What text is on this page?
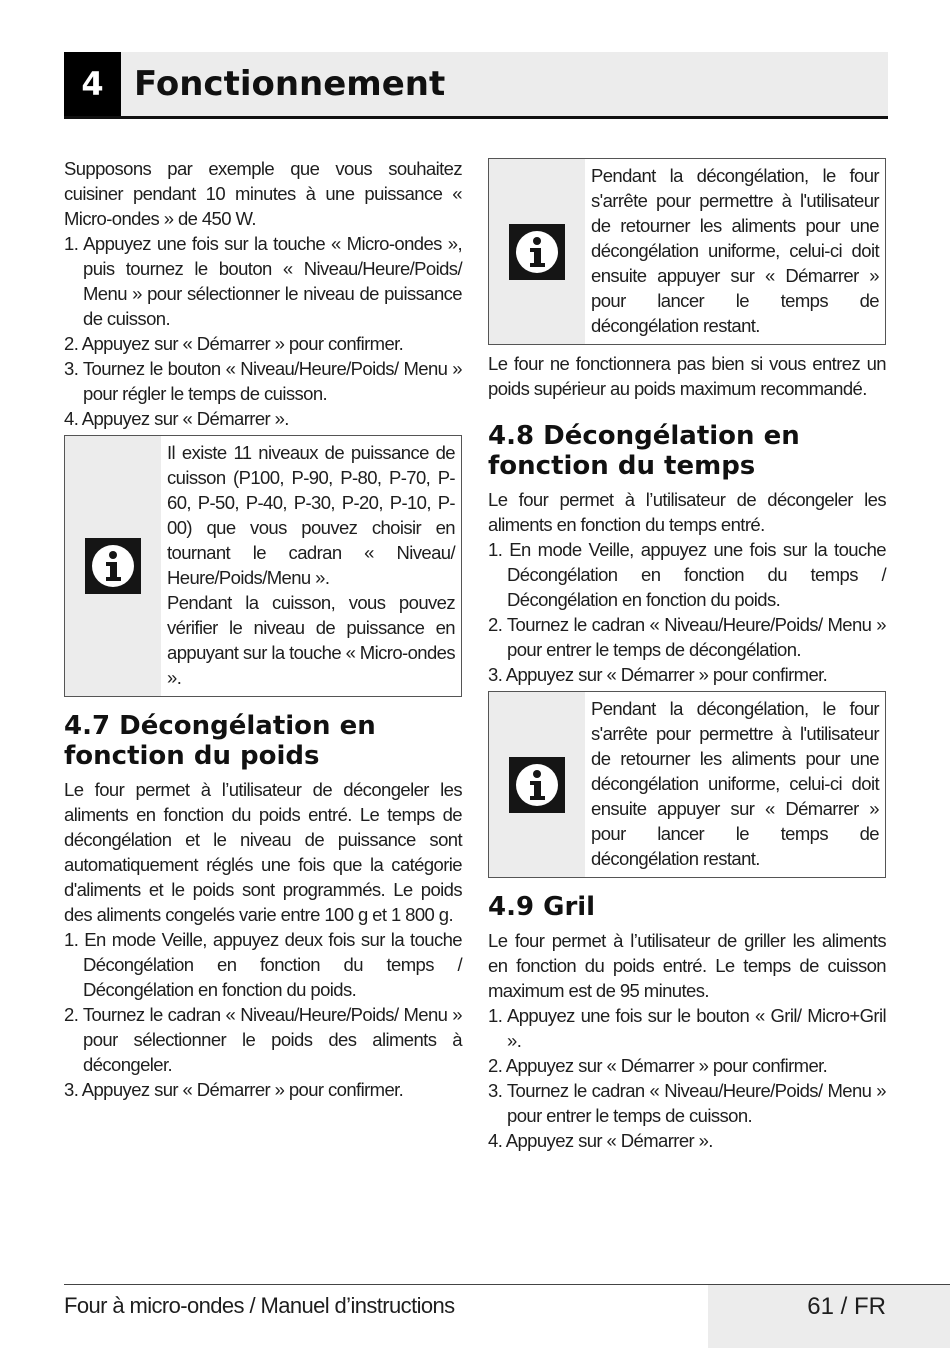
4 Fonctionnement

Supposons par exemple que vous souhaitez cuisiner pendant 10 minutes à une puissance « Micro-ondes » de 450 W.

1. Appuyez une fois sur la touche « Micro-ondes », puis tournez le bouton « Niveau/Heure/Poids/ Menu » pour sélectionner le niveau de puissance de cuisson.
2. Appuyez sur « Démarrer » pour confirmer.
3. Tournez le bouton « Niveau/Heure/Poids/ Menu » pour régler le temps de cuisson.
4. Appuyez sur « Démarrer ».

Il existe 11 niveaux de puissance de cuisson (P100, P-90, P-80, P-70, P-60, P-50, P-40, P-30, P-20, P-10, P-00) que vous pouvez choisir en tournant le cadran « Niveau/ Heure/Poids/Menu ».

Pendant la cuisson, vous pouvez vérifier le niveau de puissance en appuyant sur la touche « Micro-ondes ».

4.7 Décongélation en fonction du poids

Le four permet à l’utilisateur de décongeler les aliments en fonction du poids entré. Le temps de décongélation et le niveau de puissance sont automatiquement réglés une fois que la catégorie d'aliments et le poids sont programmés. Le poids des aliments congelés varie entre 100 g et 1 800 g.

1. En mode Veille, appuyez deux fois sur la touche Décongélation en fonction du temps / Décongélation en fonction du poids.
2. Tournez le cadran « Niveau/Heure/Poids/ Menu » pour sélectionner le poids des aliments à décongeler.
3. Appuyez sur « Démarrer » pour confirmer.
Pendant la décongélation, le four s'arrête pour permettre à l'utilisateur de retourner les aliments pour une décongélation uniforme, celui-ci doit ensuite appuyer sur « Démarrer » pour lancer le temps de décongélation restant.

Le four ne fonctionnera pas bien si vous entrez un poids supérieur au poids maximum recommandé.

4.8 Décongélation en fonction du temps

Le four permet à l’utilisateur de décongeler les aliments en fonction du temps entré.

1. En mode Veille, appuyez une fois sur la touche Décongélation en fonction du temps / Décongélation en fonction du poids.
2. Tournez le cadran « Niveau/Heure/Poids/ Menu » pour entrer le temps de décongélation.
3. Appuyez sur « Démarrer » pour confirmer.
Pendant la décongélation, le four s'arrête pour permettre à l'utilisateur de retourner les aliments pour une décongélation uniforme, celui-ci doit ensuite appuyer sur « Démarrer » pour lancer le temps de décongélation restant.
4.9 Gril

Le four permet à l’utilisateur de griller les aliments en fonction du poids entré. Le temps de cuisson maximum est de 95 minutes.

1. Appuyez une fois sur le bouton « Gril/ Micro+Gril ».
2. Appuyez sur « Démarrer » pour confirmer.
3. Tournez le cadran « Niveau/Heure/Poids/ Menu » pour entrer le temps de cuisson.
4. Appuyez sur « Démarrer ».
Four à micro-ondes / Manuel d’instructions	61 / FR
